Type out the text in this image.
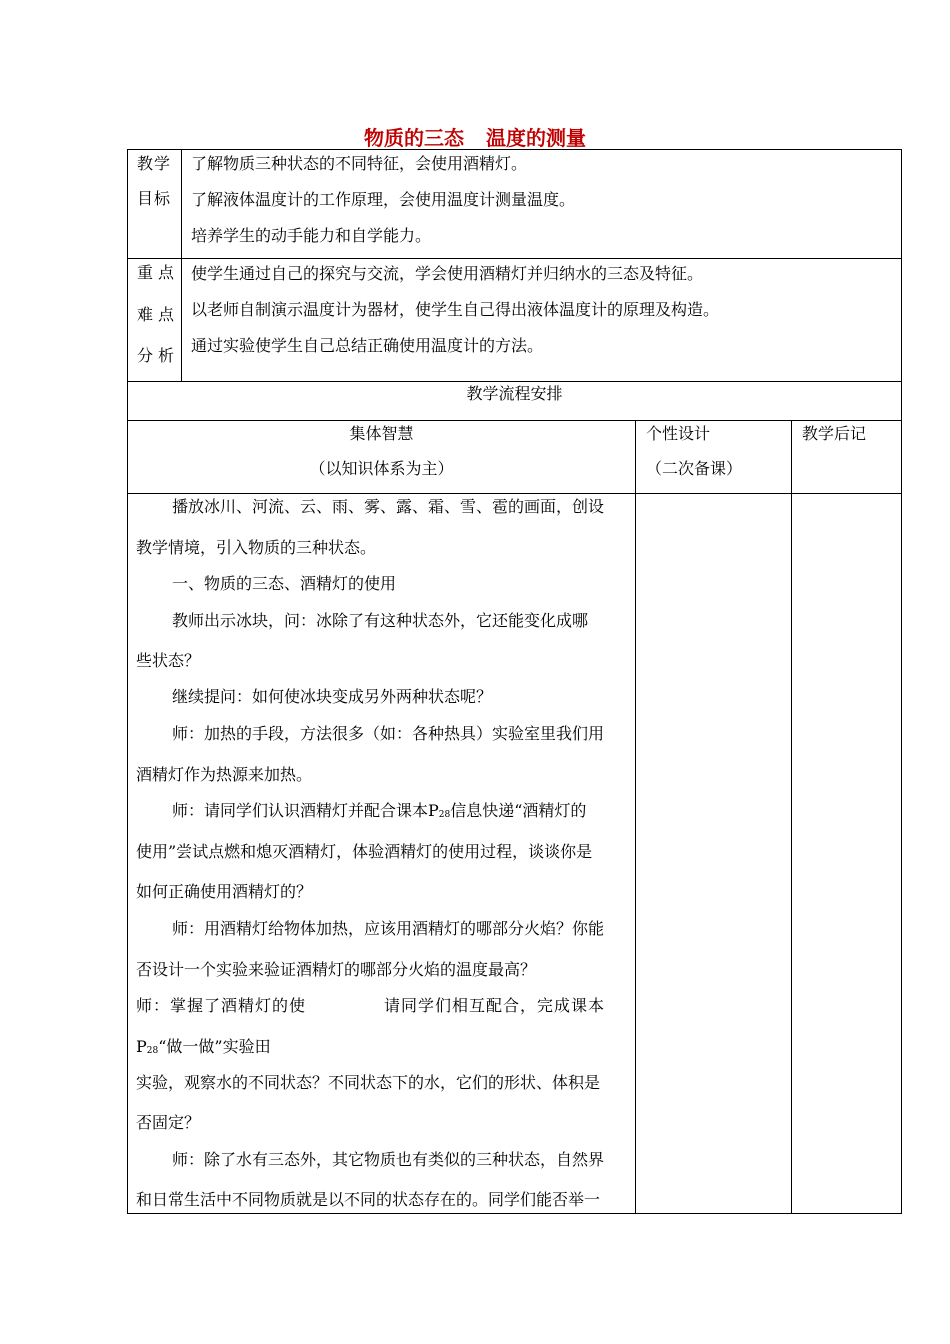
物质的三态 温度的测量
教学
目标
了解物质三种状态的不同特征，会使用酒精灯。
了解液体温度计的工作原理，会使用温度计测量温度。
培养学生的动手能力和自学能力。
重点
难点
分析
使学生通过自己的探究与交流，学会使用酒精灯并归纳水的三态及特征。
以老师自制演示温度计为器材，使学生自己得出液体温度计的原理及构造。
通过实验使学生自己总结正确使用温度计的方法。
教学流程安排
集体智慧
（以知识体系为主）
个性设计
（二次备课）
教学后记
播放冰川、河流、云、雨、雾、露、霜、雪、雹的画面，创设
教学情境，引入物质的三种状态。
一、物质的三态、酒精灯的使用
教师出示冰块，问：冰除了有这种状态外，它还能变化成哪
些状态？
继续提问：如何使冰块变成另外两种状态呢？
师：加热的手段，方法很多（如：各种热具）实验室里我们用
酒精灯作为热源来加热。
师：请同学们认识酒精灯并配合课本$P_{28}$信息快递“酒精灯的
使用”尝试点燃和熄灭酒精灯，体验酒精灯的使用过程，谈谈你是
如何正确使用酒精灯的？
师：用酒精灯给物体加热，应该用酒精灯的哪部分火焰？你能
否设计一个实验来验证酒精灯的哪部分火焰的温度最高？
师：掌握了酒精灯的使	请同学们相互配合，完成课本
$P_{28}“$做一做”实验田
实验，观察水的不同状态？不同状态下的水，它们的形状、体积是
否固定？
师：除了水有三态外，其它物质也有类似的三种状态，自然界
和日常生活中不同物质就是以不同的状态存在的。同学们能否举一
